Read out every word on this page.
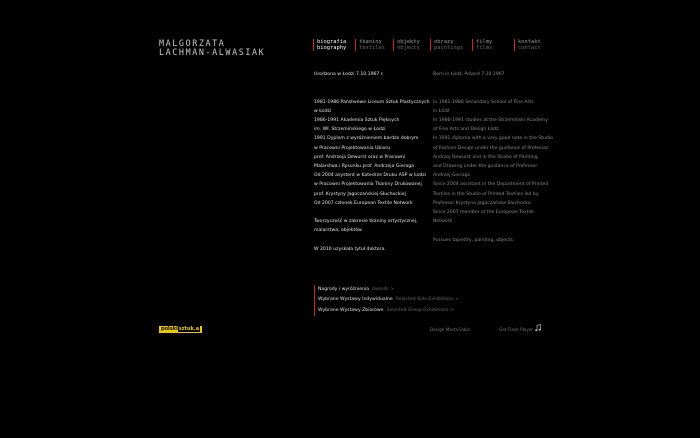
MALGORZATA
LACHMAN-ALWASIAK
biografia
biography
tkaniny
textiles
objekty
objects
obrazy
paintings
filmy
films
kontakt
contact

Urodzona w Łodzi 7.10.1967 r.

1981-1986 Państwowe Liceum Sztuk Plastycznych

w Łodzi

1986-1991 Akademia Sztuk Pięknych

im. Wł. Strzemińskiego w Łodzi

1991 Dyplom z wyróżnieniem bardzo dobrym

w Pracowni Projektowania Ubioru

prof. Andrzeja Dewurst oraz w Pracowni

Malarstwa i Rysunku prof. Andrzeja Gieraga

Od 2004 asystent w Katedrze Druku ASP w Łodzi

w Pracowni Projektowania Tkaniny Drukowanej

prof. Krystyny Jagoczańskiej-Słuchockiej

Od 2007 członek European Textile Network

Tworzyczość w zakresie tkaniny artystycznej,

malarstwa, objektów.

W 2010 uzyskała tytuł doktora.

Born in Łódź, Poland 7.10.1967

In 1981-1986 Secondary School of Fine Arts

in Łódź

In 1986-1991 studies at the Strzemiński Academy

of Fine Arts and Design Łódź

In 1991 diploma with a very good note in the Studio

of Fashion Design under the guidance of Professor

Andrzej Dewurst and in the Studio of Painting

and Drawing under the guidance of Professor

Andrzej Gieraga

Since 2004 assistant in the Department of Printed

Textiles in the Studio of Printed Textiles led by

Professor Krystyna Jagoczańska-Słuchocka

Since 2007 member of the European Textile

Network

Pursues tapestry, painting, objects.

Nagrody i wyróżnienia Awards >
Wybrane Wystawy Indywidualne Selected Solo Exhibitions >
Wybrane Wystawy Zbiorowe Selected Group Exhibitions >
polskisztuk.a	Design Marta Fabis	Get Flash Player
